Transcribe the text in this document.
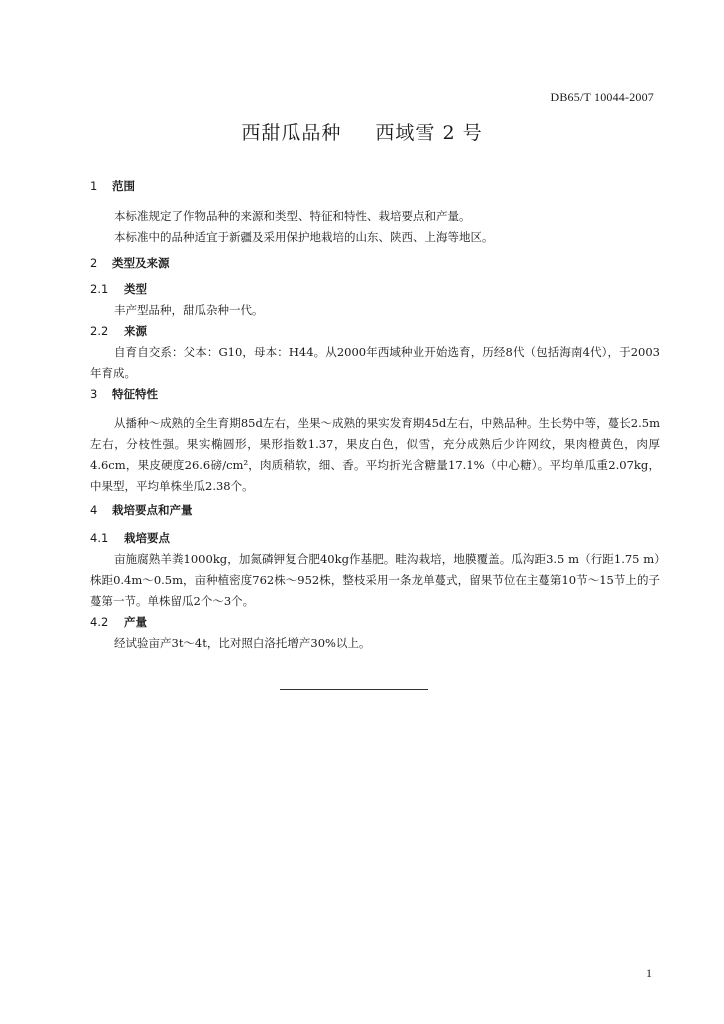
DB65/T 10044-2007
西甜瓜品种 西域雪 2 号
1 范围
本标准规定了作物品种的来源和类型、特征和特性、栽培要点和产量。
本标准中的品种适宜于新疆及采用保护地栽培的山东、陕西、上海等地区。
2 类型及来源
2.1 类型
丰产型品种，甜瓜杂种一代。
2.2 来源
自育自交系：父本：G10，母本：H44。从2000年西域种业开始选育，历经8代（包括海南4代），于2003年育成。
3 特征特性
从播种～成熟的全生育期85d左右，坐果～成熟的果实发育期45d左右，中熟品种。生长势中等，蔓长2.5m左右，分枝性强。果实椭圆形，果形指数1.37，果皮白色，似雪，充分成熟后少许网纹，果肉橙黄色，肉厚4.6cm，果皮硬度26.6磅/cm²，肉质稍软，细、香。平均折光含糖量17.1%（中心糖）。平均单瓜重2.07kg，中果型，平均单株坐瓜2.38个。
4 栽培要点和产量
4.1 栽培要点
亩施腐熟羊粪1000kg，加氮磷钾复合肥40kg作基肥。畦沟栽培，地膜覆盖。瓜沟距3.5 m（行距1.75 m）株距0.4m～0.5m，亩种植密度762株～952株，整枝采用一条龙单蔓式，留果节位在主蔓第10节～15节上的子蔓第一节。单株留瓜2个～3个。
4.2 产量
经试验亩产3t～4t，比对照白洛托增产30%以上。
1
